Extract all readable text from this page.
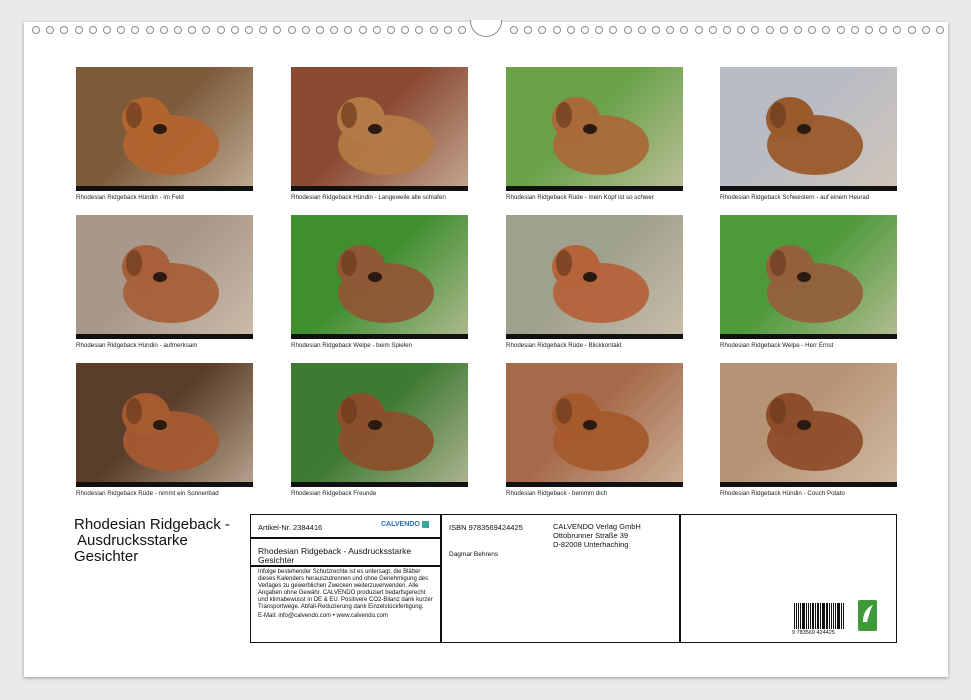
Rhodesian Ridgeback Hündin - im Feld	Rhodesian Ridgeback Hündin - Langeweile alle schlafen	Rhodesian Ridgeback Rüde - mein Kopf ist so schwer	Rhodesian Ridgeback Schwestern - auf einem Heurad
Rhodesian Ridgeback Hündin - aufmerksam	Rhodesian Ridgeback Welpe - beim Spielen	Rhodesian Ridgeback Rüde - Blickkontakt	Rhodesian Ridgeback Welpe - Herr Ernst
Rhodesian Ridgeback Rüde - nimmt ein Sonnenbad	Rhodesian Ridgeback Freunde	Rhodesian Ridgeback - benimm dich	Rhodesian Ridgeback Hündin - Couch Potato
Rhodesian Ridgeback -
Ausdrucksstarke
Gesichter
Artikel-Nr. 2384416	CALVENDO
Rhodesian Ridgeback - Ausdrucksstarke Gesichter
Infolge bestehender Schutzrechte ist es untersagt, die Blätter dieses Kalenders herauszutrennen und ohne Genehmigung des Verlages zu gewerblichen Zwecken weiterzuverwenden. Alle Angaben ohne Gewähr. CALVENDO produziert bedarfsgerecht und klimabewusst in DE & EU. Positivere CO2-Bilanz dank kurzer Transportwege. Abfall-Reduzierung dank Einzelstückfertigung.
E-Mail: info@calvendo.com • www.calvendo.com
ISBN 9783569424425
Dagmar Behrens
CALVENDO Verlag GmbH
Ottobrunner Straße 39
D-82008 Unterhaching
9 783569 424425
